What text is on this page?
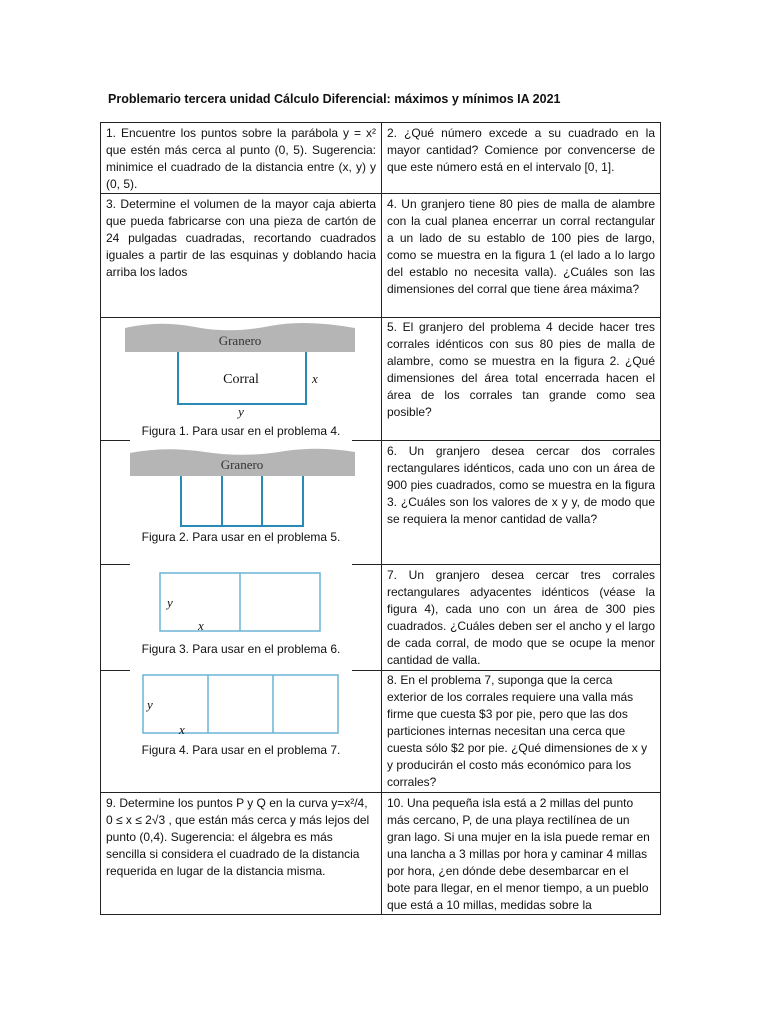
Problemario tercera unidad Cálculo Diferencial: máximos y mínimos IA 2021

1. Encuentre los puntos sobre la parábola y = x² que estén más cerca al punto (0, 5). Sugerencia: minimice el cuadrado de la distancia entre (x, y) y (0, 5).

2. ¿Qué número excede a su cuadrado en la mayor cantidad? Comience por convencerse de que este número está en el intervalo [0, 1].

3. Determine el volumen de la mayor caja abierta que pueda fabricarse con una pieza de cartón de 24 pulgadas cuadradas, recortando cuadrados iguales a partir de las esquinas y doblando hacia arriba los lados

4. Un granjero tiene 80 pies de malla de alambre con la cual planea encerrar un corral rectangular a un lado de su establo de 100 pies de largo, como se muestra en la figura 1 (el lado a lo largo del establo no necesita valla). ¿Cuáles son las dimensiones del corral que tiene área máxima?

5. El granjero del problema 4 decide hacer tres corrales idénticos con sus 80 pies de malla de alambre, como se muestra en la figura 2. ¿Qué dimensiones del área total encerrada hacen el área de los corrales tan grande como sea posible?

6. Un granjero desea cercar dos corrales rectangulares idénticos, cada uno con un área de 900 pies cuadrados, como se muestra en la figura 3. ¿Cuáles son los valores de x y y, de modo que se requiera la menor cantidad de valla?

7. Un granjero desea cercar tres corrales rectangulares adyacentes idénticos (véase la figura 4), cada uno con un área de 300 pies cuadrados. ¿Cuáles deben ser el ancho y el largo de cada corral, de modo que se ocupe la menor cantidad de valla.

8. En el problema 7, suponga que la cerca exterior de los corrales requiere una valla más firme que cuesta $3 por pie, pero que las dos particiones internas necesitan una cerca que cuesta sólo $2 por pie. ¿Qué dimensiones de x y y producirán el costo más económico para los corrales?

9. Determine los puntos P y Q en la curva y=x²/4, 0 ≤ x ≤ 2√3 , que están más cerca y más lejos del punto (0,4). Sugerencia: el álgebra es más sencilla si considera el cuadrado de la distancia requerida en lugar de la distancia misma.

10. Una pequeña isla está a 2 millas del punto más cercano, P, de una playa rectilínea de un gran lago. Si una mujer en la isla puede remar en una lancha a 3 millas por hora y caminar 4 millas por hora, ¿en dónde debe desembarcar en el bote para llegar, en el menor tiempo, a un pueblo que está a 10 millas, medidas sobre la

Granero
Corral	x
y
Figura 1. Para usar en el problema 4.
Granero
Figura 2. Para usar en el problema 5.
y
x
Figura 3. Para usar en el problema 6.
y
x
Figura 4. Para usar en el problema 7.
